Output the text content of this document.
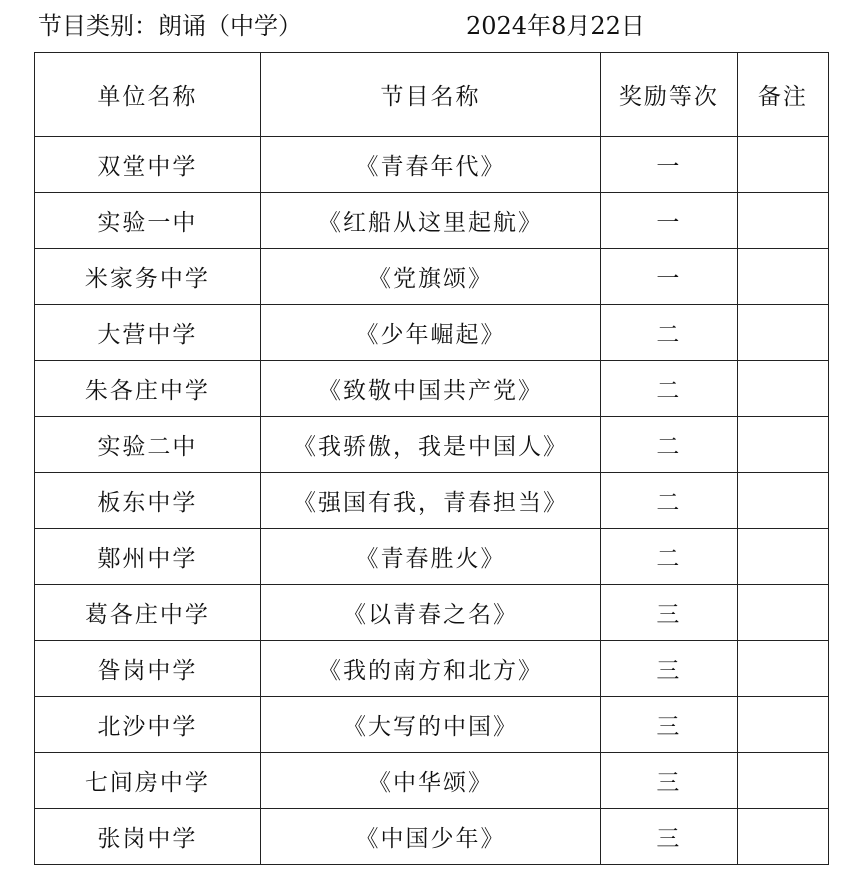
节目类别：朗诵（中学）	2024年8月22日
单位名称	节目名称	奖励等次	备注
双堂中学	《青春年代》	一	
实验一中	《红船从这里起航》	一	
米家务中学	《党旗颂》	一	
大营中学	《少年崛起》	二	
朱各庄中学	《致敬中国共产党》	二	
实验二中	《我骄傲，我是中国人》	二	
板东中学	《强国有我，青春担当》	二	
鄚州中学	《青春胜火》	二	
葛各庄中学	《以青春之名》	三	
昝岗中学	《我的南方和北方》	三	
北沙中学	《大写的中国》	三	
七间房中学	《中华颂》	三	
张岗中学	《中国少年》	三	
